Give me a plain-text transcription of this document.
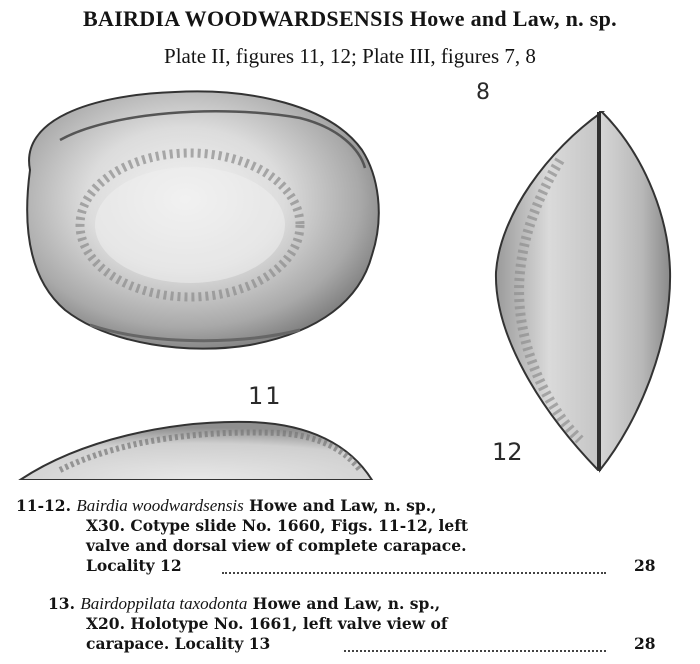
BAIRDIA WOODWARDSENSIS Howe and Law, n. sp.
Plate II, figures 11, 12; Plate III, figures 7, 8
8
11
12
11-12. Bairdia woodwardsensis Howe and Law, n. sp.,
X30. Cotype slide No. 1660, Figs. 11-12, left
valve and dorsal view of complete carapace.
Locality 12	28
13. Bairdoppilata taxodonta Howe and Law, n. sp.,
X20. Holotype No. 1661, left valve view of
carapace. Locality 13	28
